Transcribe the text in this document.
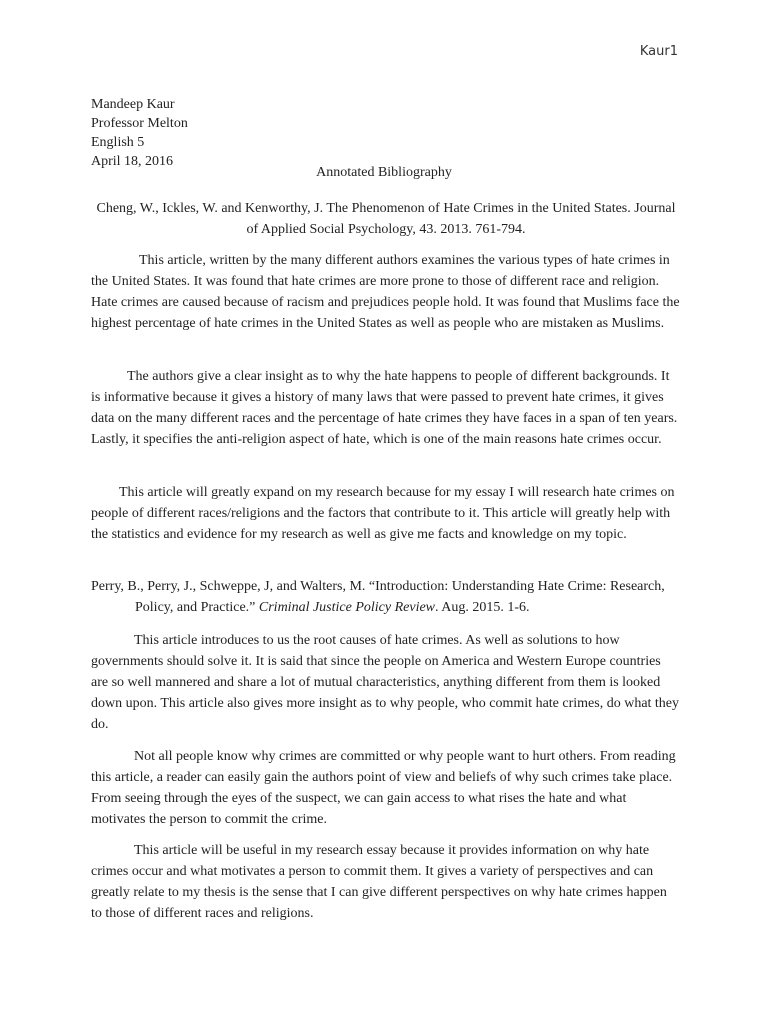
Kaur1
Mandeep Kaur
Professor Melton
English 5
April 18, 2016
Annotated Bibliography
Cheng, W., Ickles, W. and Kenworthy, J. The Phenomenon of Hate Crimes in the United States. Journal of Applied Social Psychology, 43. 2013. 761-794.

This article, written by the many different authors examines the various types of hate crimes in the United States. It was found that hate crimes are more prone to those of different race and religion. Hate crimes are caused because of racism and prejudices people hold. It was found that Muslims face the highest percentage of hate crimes in the United States as well as people who are mistaken as Muslims.

The authors give a clear insight as to why the hate happens to people of different backgrounds. It is informative because it gives a history of many laws that were passed to prevent hate crimes, it gives data on the many different races and the percentage of hate crimes they have faces in a span of ten years. Lastly, it specifies the anti-religion aspect of hate, which is one of the main reasons hate crimes occur.

This article will greatly expand on my research because for my essay I will research hate crimes on people of different races/religions and the factors that contribute to it. This article will greatly help with the statistics and evidence for my research as well as give me facts and knowledge on my topic.

Perry, B., Perry, J., Schweppe, J, and Walters, M. “Introduction: Understanding Hate Crime: Research, Policy, and Practice.” Criminal Justice Policy Review. Aug. 2015. 1-6.

This article introduces to us the root causes of hate crimes. As well as solutions to how governments should solve it. It is said that since the people on America and Western Europe countries are so well mannered and share a lot of mutual characteristics, anything different from them is looked down upon. This article also gives more insight as to why people, who commit hate crimes, do what they do.

Not all people know why crimes are committed or why people want to hurt others. From reading this article, a reader can easily gain the authors point of view and beliefs of why such crimes take place. From seeing through the eyes of the suspect, we can gain access to what rises the hate and what motivates the person to commit the crime.

This article will be useful in my research essay because it provides information on why hate crimes occur and what motivates a person to commit them. It gives a variety of perspectives and can greatly relate to my thesis is the sense that I can give different perspectives on why hate crimes happen to those of different races and religions.
